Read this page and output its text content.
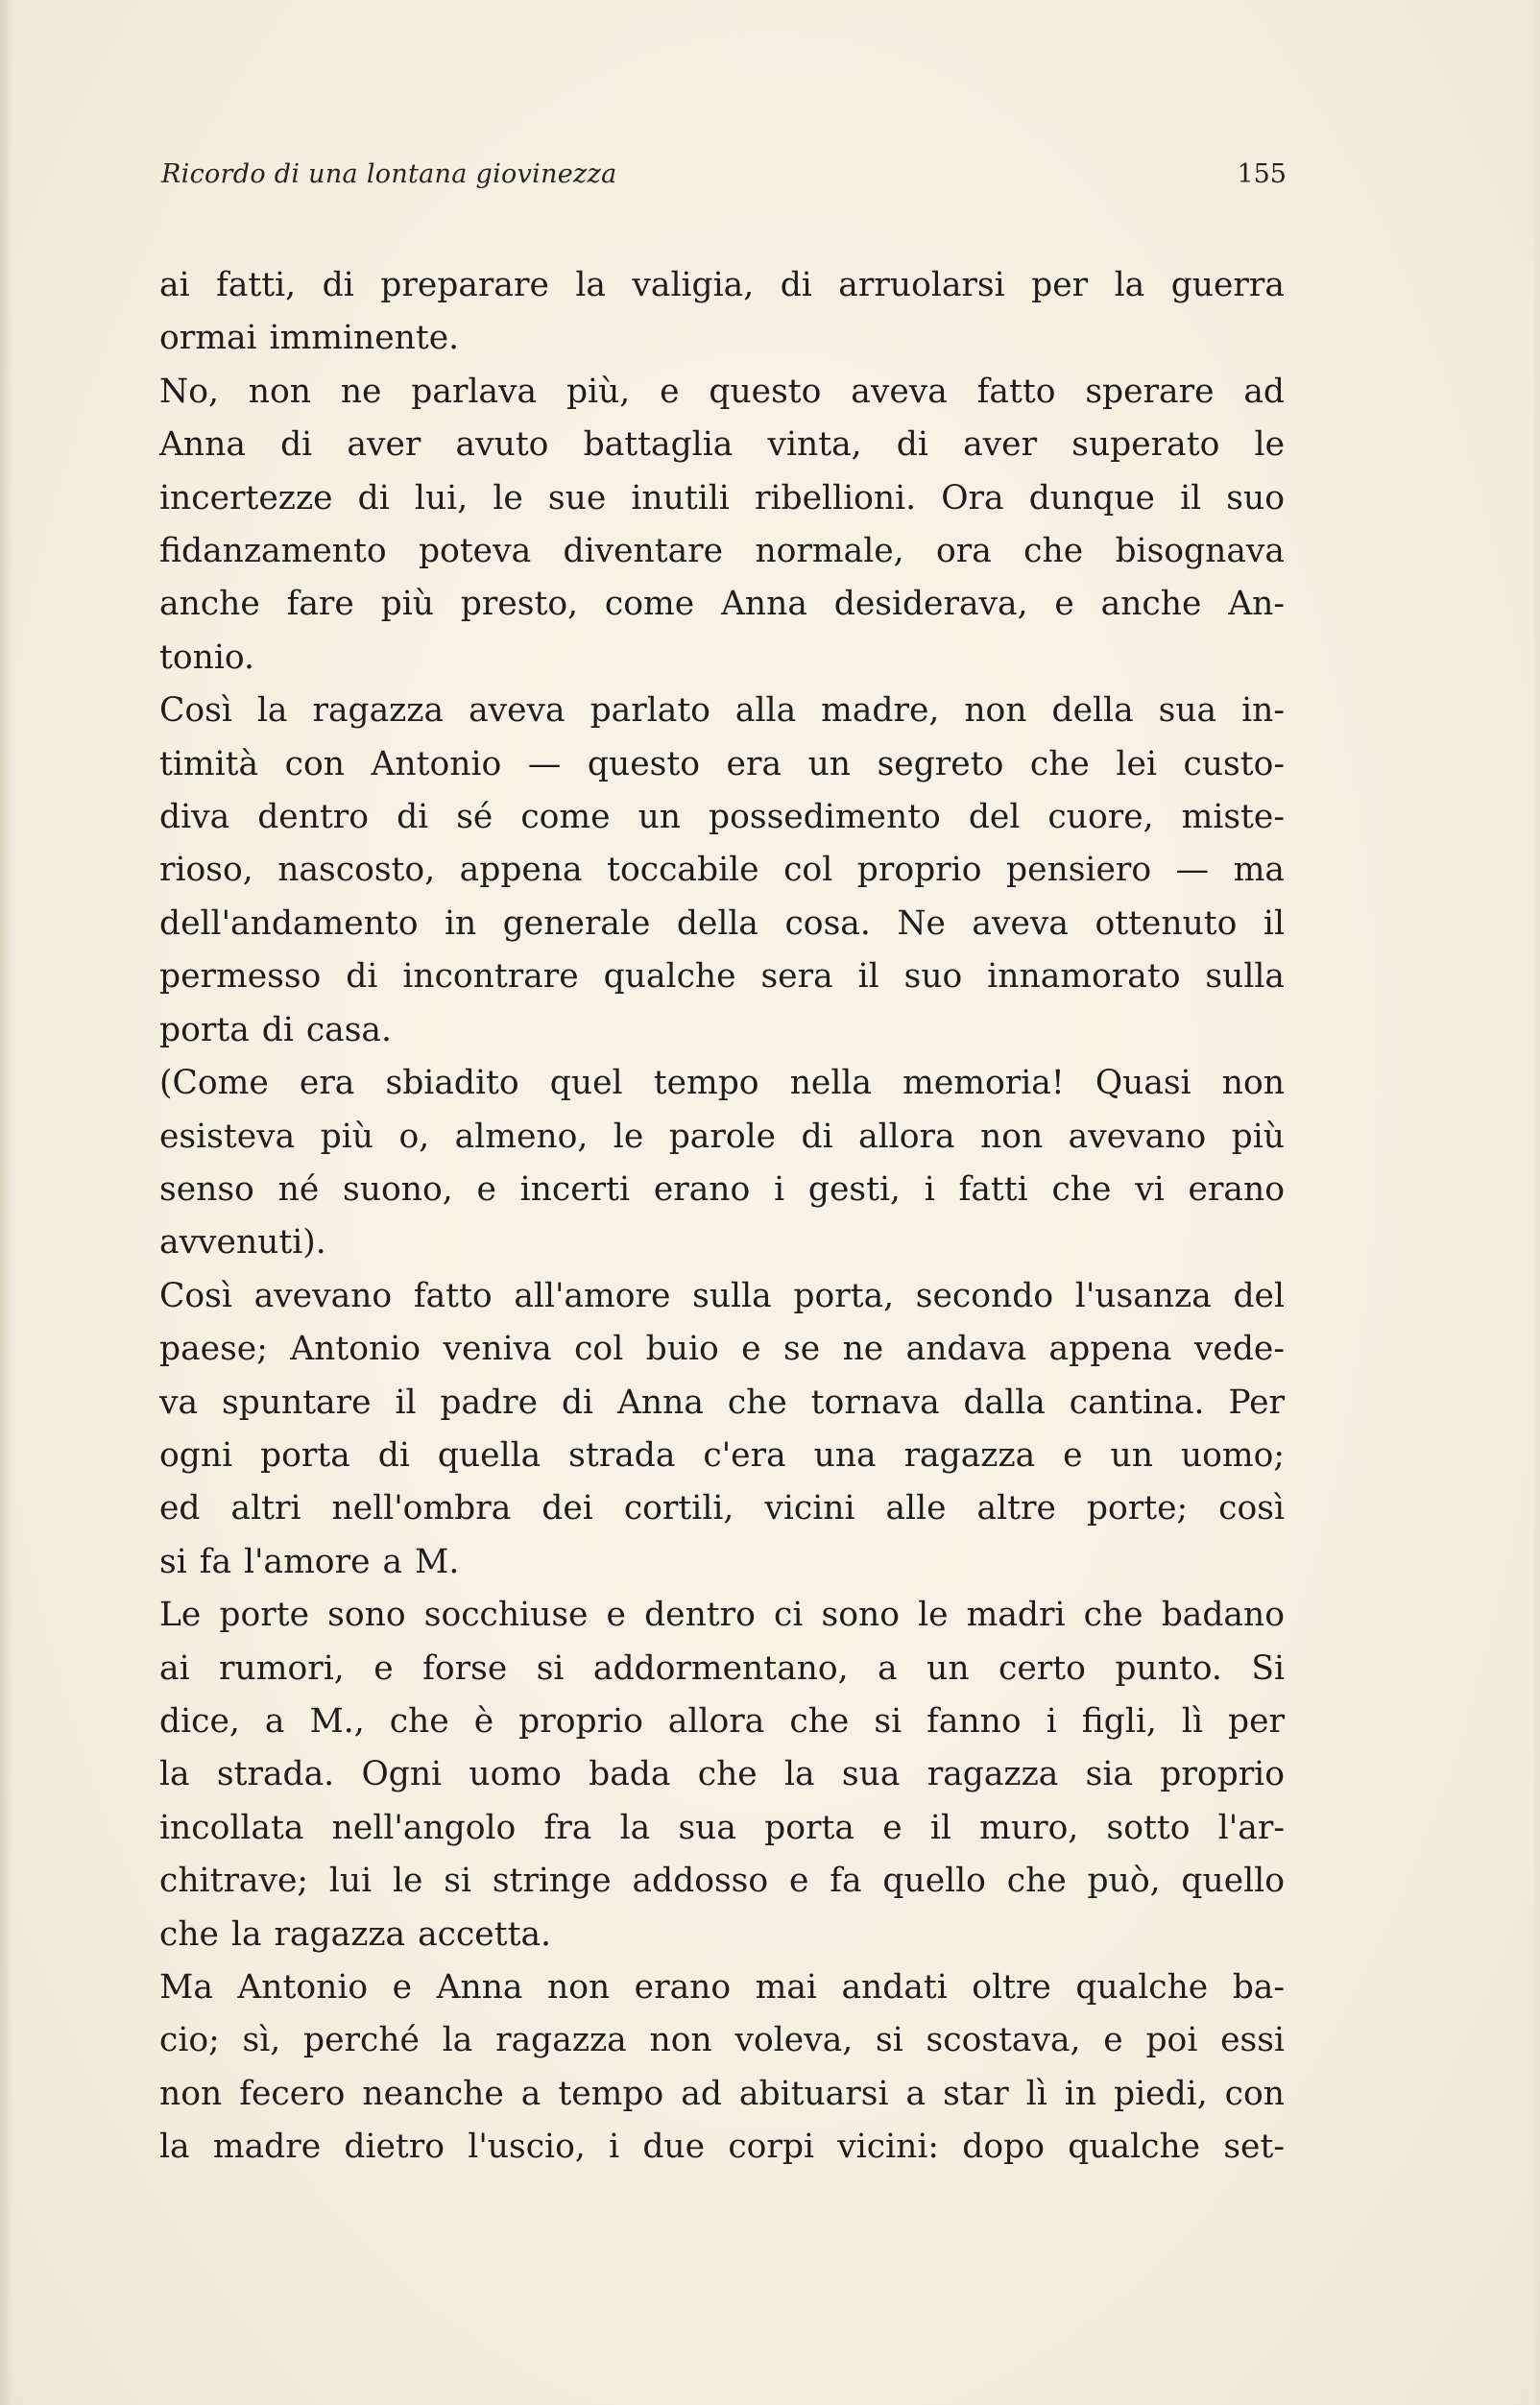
Ricordo di una lontana giovinezza	155

ai fatti, di preparare la valigia, di arruolarsi per la guerra
ormai imminente.

No, non ne parlava più, e questo aveva fatto sperare ad
Anna di aver avuto battaglia vinta, di aver superato le
incertezze di lui, le sue inutili ribellioni. Ora dunque il suo
fidanzamento poteva diventare normale, ora che bisognava
anche fare più presto, come Anna desiderava, e anche An-
tonio.

Così la ragazza aveva parlato alla madre, non della sua in-
timità con Antonio — questo era un segreto che lei custo-
diva dentro di sé come un possedimento del cuore, miste-
rioso, nascosto, appena toccabile col proprio pensiero — ma
dell'andamento in generale della cosa. Ne aveva ottenuto il
permesso di incontrare qualche sera il suo innamorato sulla
porta di casa.

(Come era sbiadito quel tempo nella memoria! Quasi non
esisteva più o, almeno, le parole di allora non avevano più
senso né suono, e incerti erano i gesti, i fatti che vi erano
avvenuti).

Così avevano fatto all'amore sulla porta, secondo l'usanza del
paese; Antonio veniva col buio e se ne andava appena vede-
va spuntare il padre di Anna che tornava dalla cantina. Per
ogni porta di quella strada c'era una ragazza e un uomo;
ed altri nell'ombra dei cortili, vicini alle altre porte; così
si fa l'amore a M.

Le porte sono socchiuse e dentro ci sono le madri che badano
ai rumori, e forse si addormentano, a un certo punto. Si
dice, a M., che è proprio allora che si fanno i figli, lì per
la strada. Ogni uomo bada che la sua ragazza sia proprio
incollata nell'angolo fra la sua porta e il muro, sotto l'ar-
chitrave; lui le si stringe addosso e fa quello che può, quello
che la ragazza accetta.

Ma Antonio e Anna non erano mai andati oltre qualche ba-
cio; sì, perché la ragazza non voleva, si scostava, e poi essi
non fecero neanche a tempo ad abituarsi a star lì in piedi, con
la madre dietro l'uscio, i due corpi vicini: dopo qualche set-
